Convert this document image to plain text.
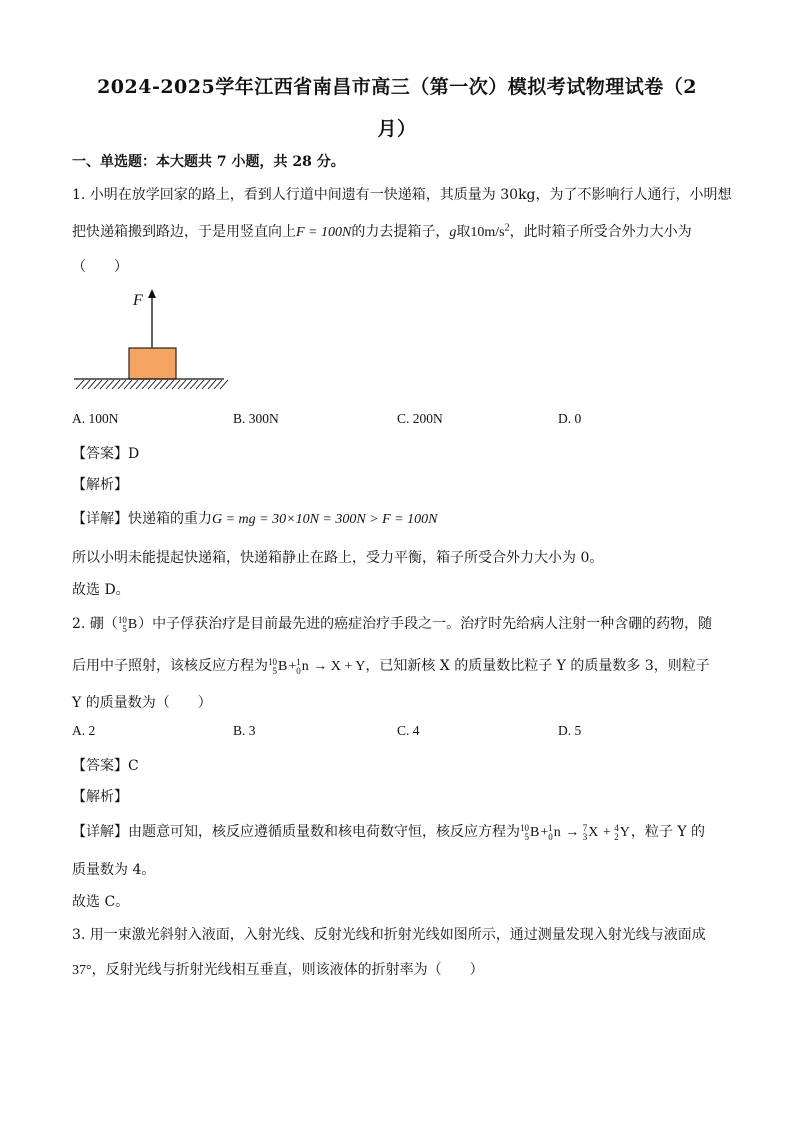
2024-2025学年江西省南昌市高三（第一次）模拟考试物理试卷（2
月）
一、单选题：本大题共 7 小题，共 28 分。
1. 小明在放学回家的路上，看到人行道中间遗有一快递箱，其质量为 30kg，为了不影响行人通行，小明想
把快递箱搬到路边，于是用竖直向上F = 100N的力去提箱子，g取$10m/s^2$，此时箱子所受合外力大小为
（　　）
F
A. 100N	B. 300N	C. 200N	D. 0
【答案】D
【解析】
【详解】快递箱的重力G = mg = 30×10N = 300N > F = 100N
所以小明未能提起快递箱，快递箱静止在路上，受力平衡，箱子所受合外力大小为 0。
故选 D。
2. 硼（ 10
5 B）中子俘获治疗是目前最先进的癌症治疗手段之一。治疗时先给病人注射一种含硼的药物，随
后用中子照射，该核反应方程为 10
5 B+ 1
0 n → X + Y，已知新核 X 的质量数比粒子 Y 的质量数多 3，则粒子
Y 的质量数为（　　）
A. 2	B. 3	C. 4	D. 5
【答案】C
【解析】
【详解】由题意可知，核反应遵循质量数和核电荷数守恒，核反应方程为 10
5 B+ 1
0 n → 7
3 X + 4
2 Y，粒子 Y 的
质量数为 4。
故选 C。
3. 用一束激光斜射入液面，入射光线、反射光线和折射光线如图所示，通过测量发现入射光线与液面成
37°，反射光线与折射光线相互垂直，则该液体的折射率为（　　）
